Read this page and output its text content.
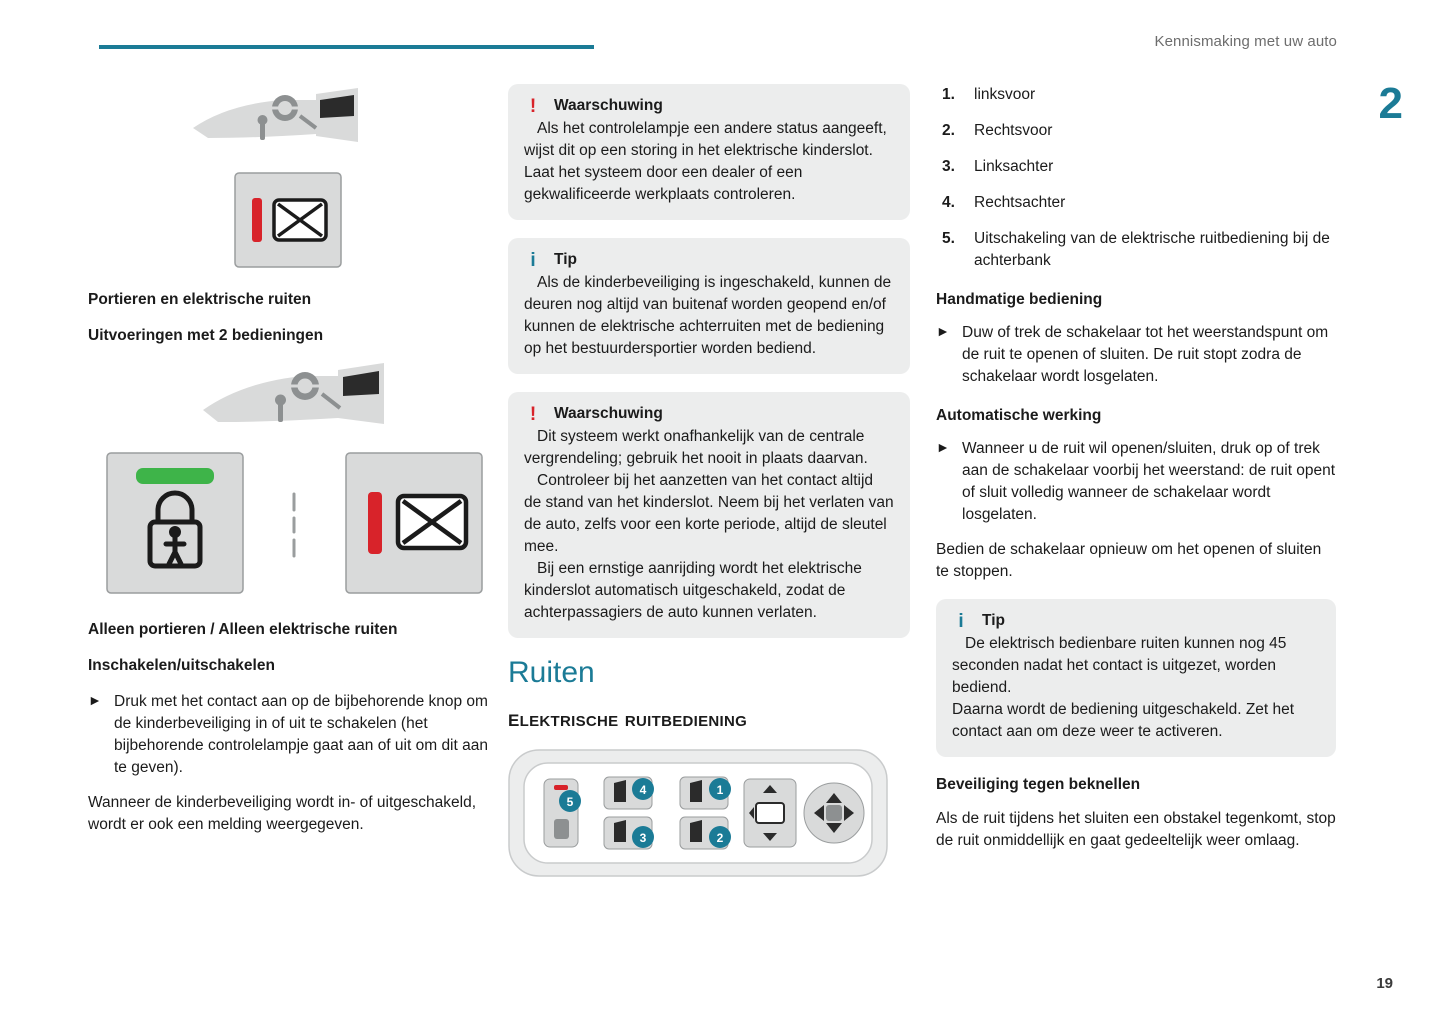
Kennismaking met uw auto
2
19
Portieren en elektrische ruiten
Uitvoeringen met 2 bedieningen
Alleen portieren / Alleen elektrische ruiten
Inschakelen/uitschakelen
► Druk met het contact aan op de bijbehorende knop om de kinderbeveiliging in of uit te schakelen (het bijbehorende controlelampje gaat aan of uit om dit aan te geven).

Wanneer de kinderbeveiliging wordt in- of uitgeschakeld, wordt er ook een melding weergegeven.

!	Waarschuwing

Als het controlelampje een andere status aangeeft, wijst dit op een storing in het elektrische kinderslot.
Laat het systeem door een dealer of een gekwalificeerde werkplaats controleren.

i	Tip

Als de kinderbeveiliging is ingeschakeld, kunnen de deuren nog altijd van buitenaf worden geopend en/of kunnen de elektrische achterruiten met de bediening op het bestuurdersportier worden bediend.

!	Waarschuwing

Dit systeem werkt onafhankelijk van de centrale vergrendeling; gebruik het nooit in plaats daarvan.
Controleer bij het aanzetten van het contact altijd de stand van het kinderslot. Neem bij het verlaten van de auto, zelfs voor een korte periode, altijd de sleutel mee.
Bij een ernstige aanrijding wordt het elektrische kinderslot automatisch uitgeschakeld, zodat de achterpassagiers de auto kunnen verlaten.

Ruiten
elektrische ruitbediening
5
4
3
1
2
1. linksvoor
2. Rechtsvoor
3. Linksachter
4. Rechtsachter
5. Uitschakeling van de elektrische ruitbediening bij de achterbank
Handmatige bediening
► Duw of trek de schakelaar tot het weerstandspunt om de ruit te openen of sluiten. De ruit stopt zodra de schakelaar wordt losgelaten.
Automatische werking
► Wanneer u de ruit wil openen/sluiten, druk op of trek aan de schakelaar voorbij het weerstand: de ruit opent of sluit volledig wanneer de schakelaar wordt losgelaten.

Bedien de schakelaar opnieuw om het openen of sluiten te stoppen.

i	Tip

De elektrisch bedienbare ruiten kunnen nog 45 seconden nadat het contact is uitgezet, worden bediend.
Daarna wordt de bediening uitgeschakeld. Zet het contact aan om deze weer te activeren.

Beveiliging tegen beknellen

Als de ruit tijdens het sluiten een obstakel tegenkomt, stop de ruit onmiddellijk en gaat gedeeltelijk weer omlaag.
